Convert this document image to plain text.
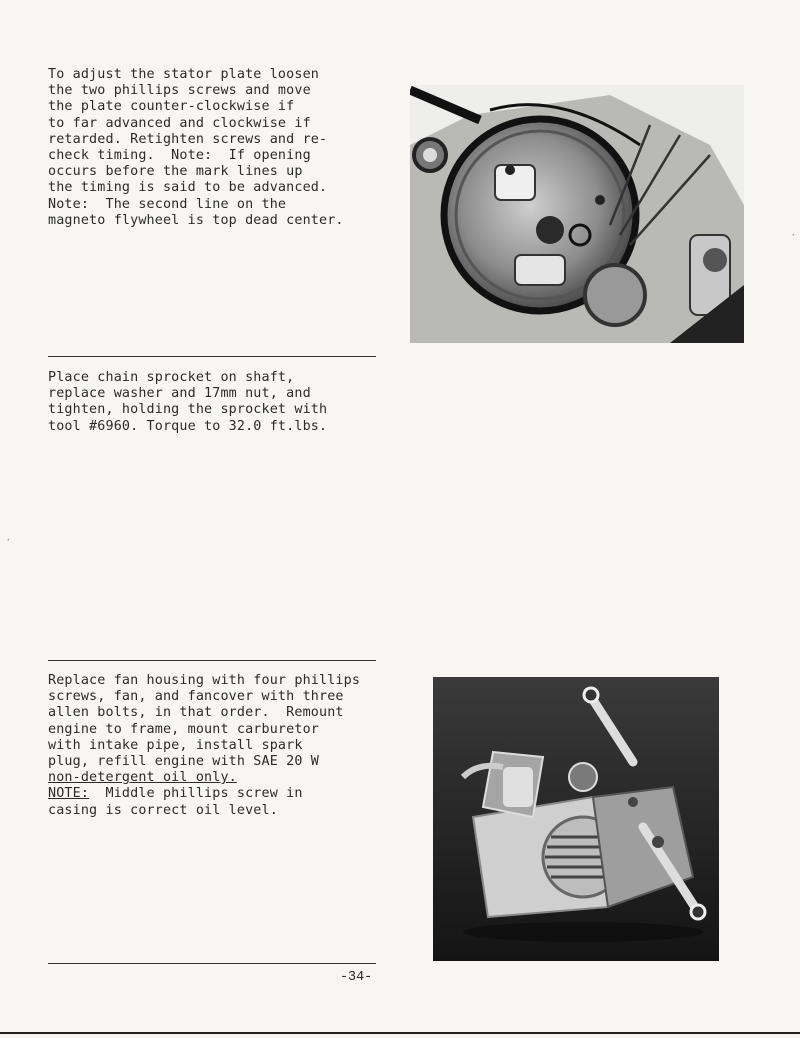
To adjust the stator plate loosen
the two phillips screws and move
the plate counter-clockwise if
to far advanced and clockwise if
retarded. Retighten screws and re-
check timing.  Note:  If opening
occurs before the mark lines up
the timing is said to be advanced.
Note:  The second line on the
magneto flywheel is top dead center.
Place chain sprocket on shaft,
replace washer and 17mm nut, and
tighten, holding the sprocket with
tool #6960. Torque to 32.0 ft.lbs.
Replace fan housing with four phillips
screws, fan, and fancover with three
allen bolts, in that order.  Remount
engine to frame, mount carburetor
with intake pipe, install spark
plug, refill engine with SAE 20 W
non-detergent oil only.
NOTE:  Middle phillips screw in
casing is correct oil level.

-34-

·
·
